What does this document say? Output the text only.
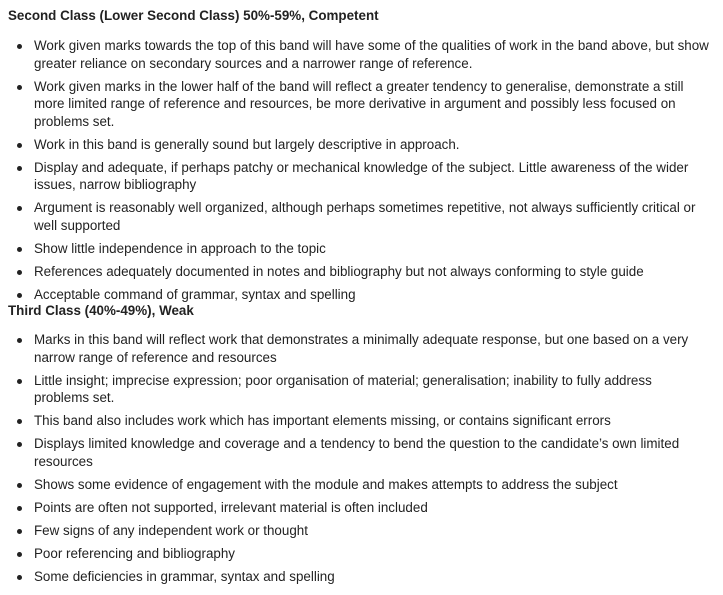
Second Class (Lower Second Class) 50%-59%, Competent
Work given marks towards the top of this band will have some of the qualities of work in the band above, but show greater reliance on secondary sources and a narrower range of reference.
Work given marks in the lower half of the band will reflect a greater tendency to generalise, demonstrate a still more limited range of reference and resources, be more derivative in argument and possibly less focused on problems set.
Work in this band is generally sound but largely descriptive in approach.
Display and adequate, if perhaps patchy or mechanical knowledge of the subject. Little awareness of the wider issues, narrow bibliography
Argument is reasonably well organized, although perhaps sometimes repetitive, not always sufficiently critical or well supported
Show little independence in approach to the topic
References adequately documented in notes and bibliography but not always conforming to style guide
Acceptable command of grammar, syntax and spelling
Third Class (40%-49%), Weak
Marks in this band will reflect work that demonstrates a minimally adequate response, but one based on a very narrow range of reference and resources
Little insight; imprecise expression; poor organisation of material; generalisation; inability to fully address problems set.
This band also includes work which has important elements missing, or contains significant errors
Displays limited knowledge and coverage and a tendency to bend the question to the candidate’s own limited resources
Shows some evidence of engagement with the module and makes attempts to address the subject
Points are often not supported, irrelevant material is often included
Few signs of any independent work or thought
Poor referencing and bibliography
Some deficiencies in grammar, syntax and spelling
